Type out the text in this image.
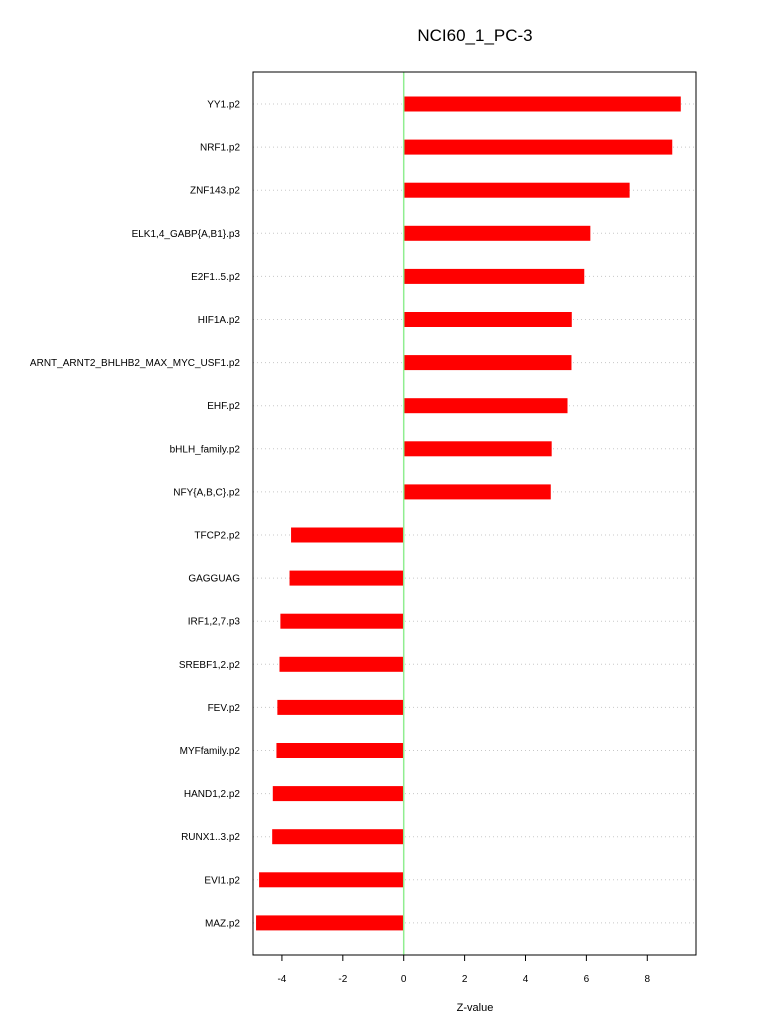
NCI60_1_PC-3
YY1.p2
NRF1.p2
ZNF143.p2
ELK1,4_GABP{A,B1}.p3
E2F1..5.p2
HIF1A.p2
ARNT_ARNT2_BHLHB2_MAX_MYC_USF1.p2
EHF.p2
bHLH_family.p2
NFY{A,B,C}.p2
TFCP2.p2
GAGGUAG
IRF1,2,7.p3
SREBF1,2.p2
FEV.p2
MYFfamily.p2
HAND1,2.p2
RUNX1..3.p2
EVI1.p2
MAZ.p2
-4	-2	0	2	4	6	8
Z-value
